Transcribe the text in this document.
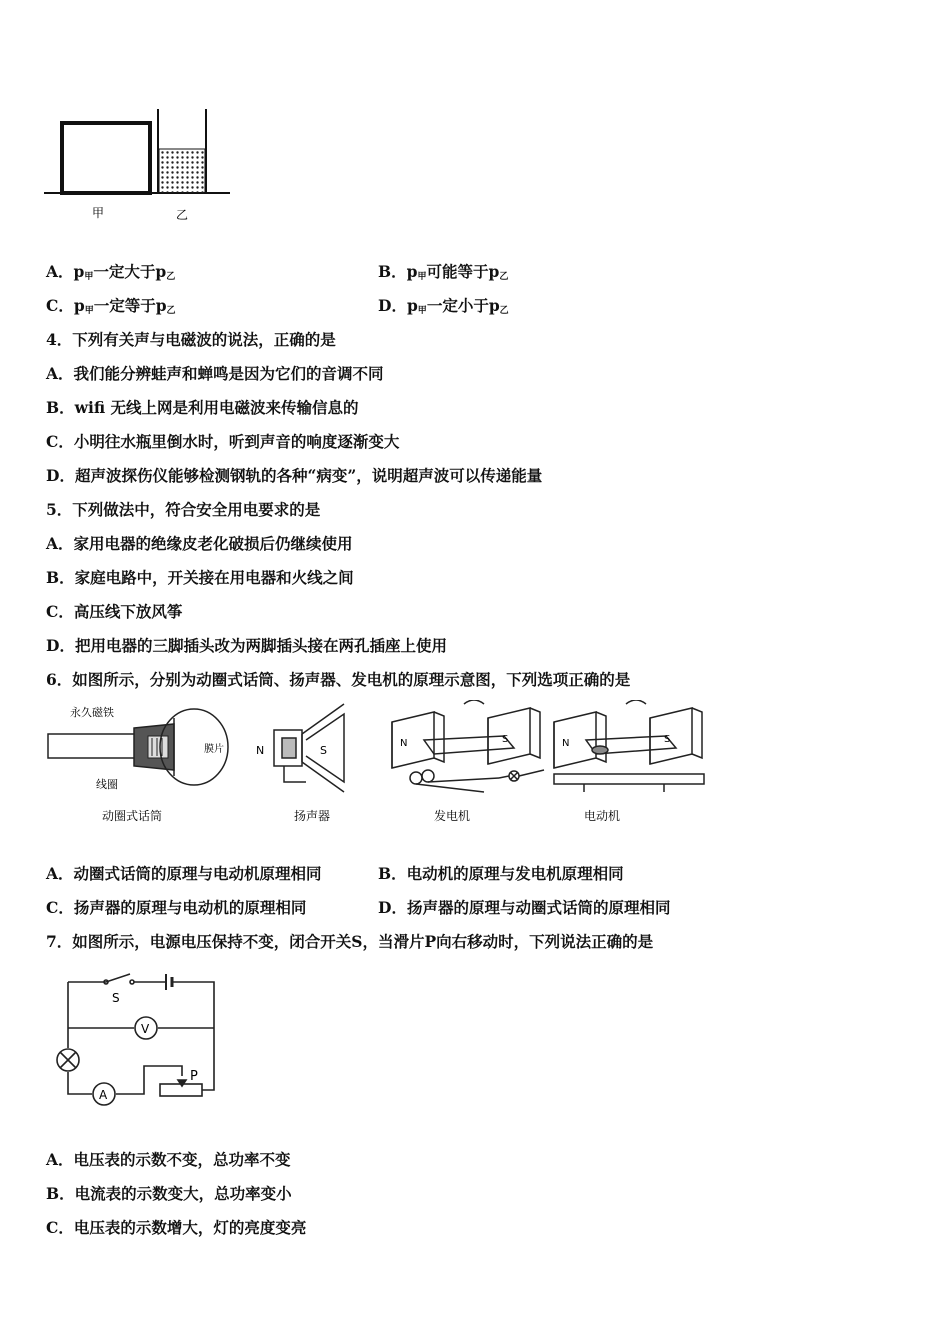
甲	乙
A．$p_甲$一定大于$p_乙$	B．$p_甲$可能等于$p_乙$
C．$p_甲$一定等于$p_乙$	D．$p_甲$一定小于$p_乙$
4．下列有关声与电磁波的说法，正确的是
A．我们能分辨蛙声和蝉鸣是因为它们的音调不同
B．wifi 无线上网是利用电磁波来传输信息的
C．小明往水瓶里倒水时，听到声音的响度逐渐变大
D．超声波探伤仪能够检测钢轨的各种“病变”，说明超声波可以传递能量
5．下列做法中，符合安全用电要求的是
A．家用电器的绝缘皮老化破损后仍继续使用
B．家庭电路中，开关接在用电器和火线之间
C．高压线下放风筝
D．把用电器的三脚插头改为两脚插头接在两孔插座上使用
6．如图所示，分别为动圈式话筒、扬声器、发电机的原理示意图，下列选项正确的是
永久磁铁
膜片
线圈
动圈式话筒
N	S
扬声器
N	S
发电机
N	S
电动机
A．动圈式话筒的原理与电动机原理相同	B．电动机的原理与发电机原理相同
C．扬声器的原理与电动机的原理相同	D．扬声器的原理与动圈式话筒的原理相同
7．如图所示，电源电压保持不变，闭合开关S，当滑片P向右移动时，下列说法正确的是
S
V
A
P
A．电压表的示数不变，总功率不变
B．电流表的示数变大，总功率变小
C．电压表的示数增大，灯的亮度变亮
